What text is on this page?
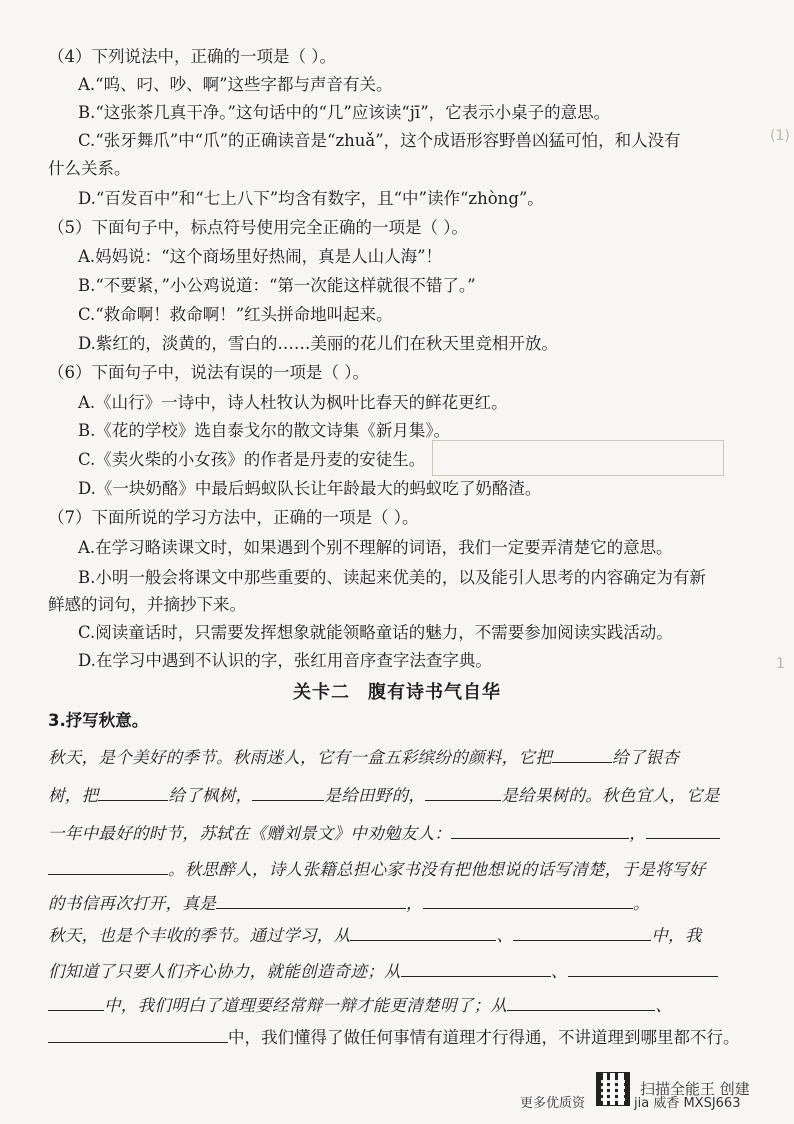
(1)
1
（4）下列说法中，正确的一项是（ ）。
A.“呜、叼、吵、啊”这些字都与声音有关。
B.“这张茶几真干净。”这句话中的“几”应该读“jī”，它表示小桌子的意思。
C.“张牙舞爪”中“爪”的正确读音是“zhuǎ”，这个成语形容野兽凶猛可怕，和人没有
什么关系。
D.“百发百中”和“七上八下”均含有数字，且“中”读作“zhòng”。
（5）下面句子中，标点符号使用完全正确的一项是（ ）。
A.妈妈说：“这个商场里好热闹，真是人山人海”！
B.“不要紧，”小公鸡说道：“第一次能这样就很不错了。”
C.“救命啊！救命啊！”红头拼命地叫起来。
D.紫红的，淡黄的，雪白的……美丽的花儿们在秋天里竞相开放。
（6）下面句子中，说法有误的一项是（ ）。
A.《山行》一诗中，诗人杜牧认为枫叶比春天的鲜花更红。
B.《花的学校》选自泰戈尔的散文诗集《新月集》。
C.《卖火柴的小女孩》的作者是丹麦的安徒生。
D.《一块奶酪》中最后蚂蚁队长让年龄最大的蚂蚁吃了奶酪渣。
（7）下面所说的学习方法中，正确的一项是（ ）。
A.在学习略读课文时，如果遇到个别不理解的词语，我们一定要弄清楚它的意思。
B.小明一般会将课文中那些重要的、读起来优美的，以及能引人思考的内容确定为有新
鲜感的词句，并摘抄下来。
C.阅读童话时，只需要发挥想象就能领略童话的魅力，不需要参加阅读实践活动。
D.在学习中遇到不认识的字，张红用音序查字法查字典。
关卡二 腹有诗书气自华
3.抒写秋意。
秋天，是个美好的季节。秋雨迷人，它有一盒五彩缤纷的颜料，它把	给了银杏
树，把	给了枫树，	是给田野的，	是给果树的。秋色宜人，它是
一年中最好的时节，苏轼在《赠刘景文》中劝勉友人：	，
。秋思醉人，诗人张籍总担心家书没有把他想说的话写清楚，于是将写好
的书信再次打开，真是	，	。
秋天，也是个丰收的季节。通过学习，从	、	中，我
们知道了只要人们齐心协力，就能创造奇迹；从	、
中，我们明白了道理要经常辩一辩才能更清楚明了；从	、
中，我们懂得了做任何事情有道理才行得通，不讲道理到哪里都不行。
更多优质资	jia 威香 MXSJ663
扫描全能王 创建
